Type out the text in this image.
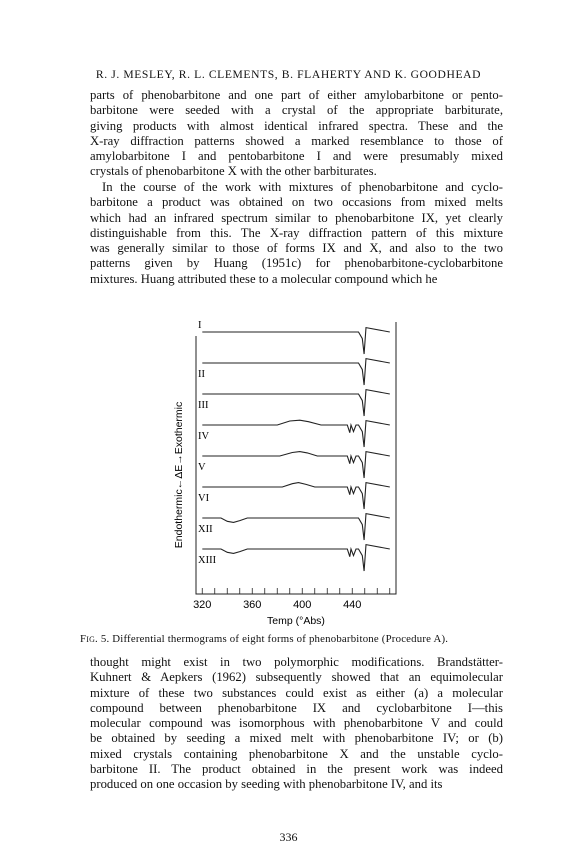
R. J. MESLEY, R. L. CLEMENTS, B. FLAHERTY AND K. GOODHEAD
parts of phenobarbitone and one part of either amylobarbitone or pento-
barbitone were seeded with a crystal of the appropriate barbiturate,
giving products with almost identical infrared spectra. These and the
X-ray diffraction patterns showed a marked resemblance to those of
amylobarbitone I and pentobarbitone I and were presumably mixed
crystals of phenobarbitone X with the other barbiturates.
In the course of the work with mixtures of phenobarbitone and cyclo-
barbitone a product was obtained on two occasions from mixed melts
which had an infrared spectrum similar to phenobarbitone IX, yet clearly
distinguishable from this. The X-ray diffraction pattern of this mixture
was generally similar to those of forms IX and X, and also to the two
patterns given by Huang (1951c) for phenobarbitone-cyclobarbitone
mixtures. Huang attributed these to a molecular compound which he
I
II
III
IV
V
VI
XII
XIII
320	360	400	440
Temp (°Abs)
Endothermic←ΔE→Exothermic
Fig. 5. Differential thermograms of eight forms of phenobarbitone (Procedure A).
thought might exist in two polymorphic modifications. Brandstätter-
Kuhnert & Aepkers (1962) subsequently showed that an equimolecular
mixture of these two substances could exist as either (a) a molecular
compound between phenobarbitone IX and cyclobarbitone I—this
molecular compound was isomorphous with phenobarbitone V and could
be obtained by seeding a mixed melt with phenobarbitone IV; or (b)
mixed crystals containing phenobarbitone X and the unstable cyclo-
barbitone II. The product obtained in the present work was indeed
produced on one occasion by seeding with phenobarbitone IV, and its
336
